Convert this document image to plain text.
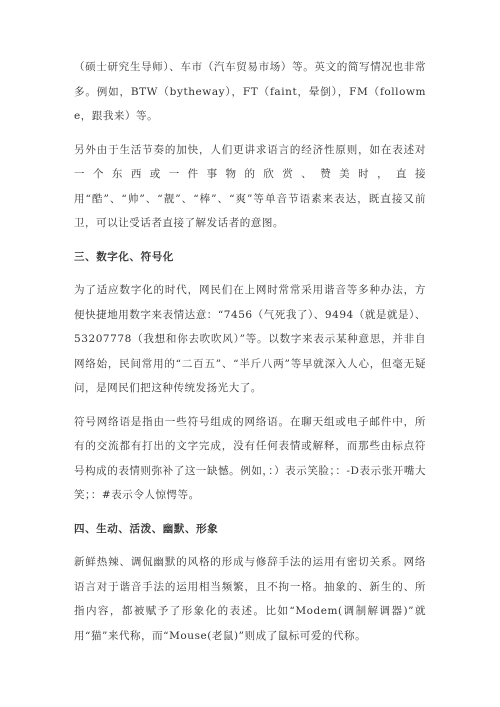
（硕士研究生导师）、车市（汽车贸易市场）等。英文的简写情况也非常多。例如，BTW（bytheway），FT（faint，晕倒），FM（followme，跟我来）等。

另外由于生活节奏的加快，人们更讲求语言的经济性原则，如在表述对一个东西或一件事物的欣赏、赞美时，直接用“酷”、“帅”、“靓”、“棒”、“爽”等单音节语素来表达，既直接又前卫，可以让受话者直接了解发话者的意图。

三、数字化、符号化

为了适应数字化的时代，网民们在上网时常常采用谐音等多种办法，方便快捷地用数字来表情达意：“7456（气死我了）、9494（就是就是）、53207778（我想和你去吹吹风）”等。以数字来表示某种意思，并非自网络始，民间常用的“二百五”、“半斤八两”等早就深入人心，但毫无疑问，是网民们把这种传统发扬光大了。

符号网络语是指由一些符号组成的网络语。在聊天组或电子邮件中，所有的交流都有打出的文字完成，没有任何表情或解释，而那些由标点符号构成的表情则弥补了这一缺憾。例如，：）表示笑脸；：-D表示张开嘴大笑；：#表示令人惊愕等。

四、生动、活泼、幽默、形象

新鲜热辣、调侃幽默的风格的形成与修辞手法的运用有密切关系。网络语言对于谐音手法的运用相当频繁，且不拘一格。抽象的、新生的、所指内容，都被赋予了形象化的表述。比如“Modem(调制解调器)”就用“猫”来代称，而“Mouse(老鼠)”则成了鼠标可爱的代称。
